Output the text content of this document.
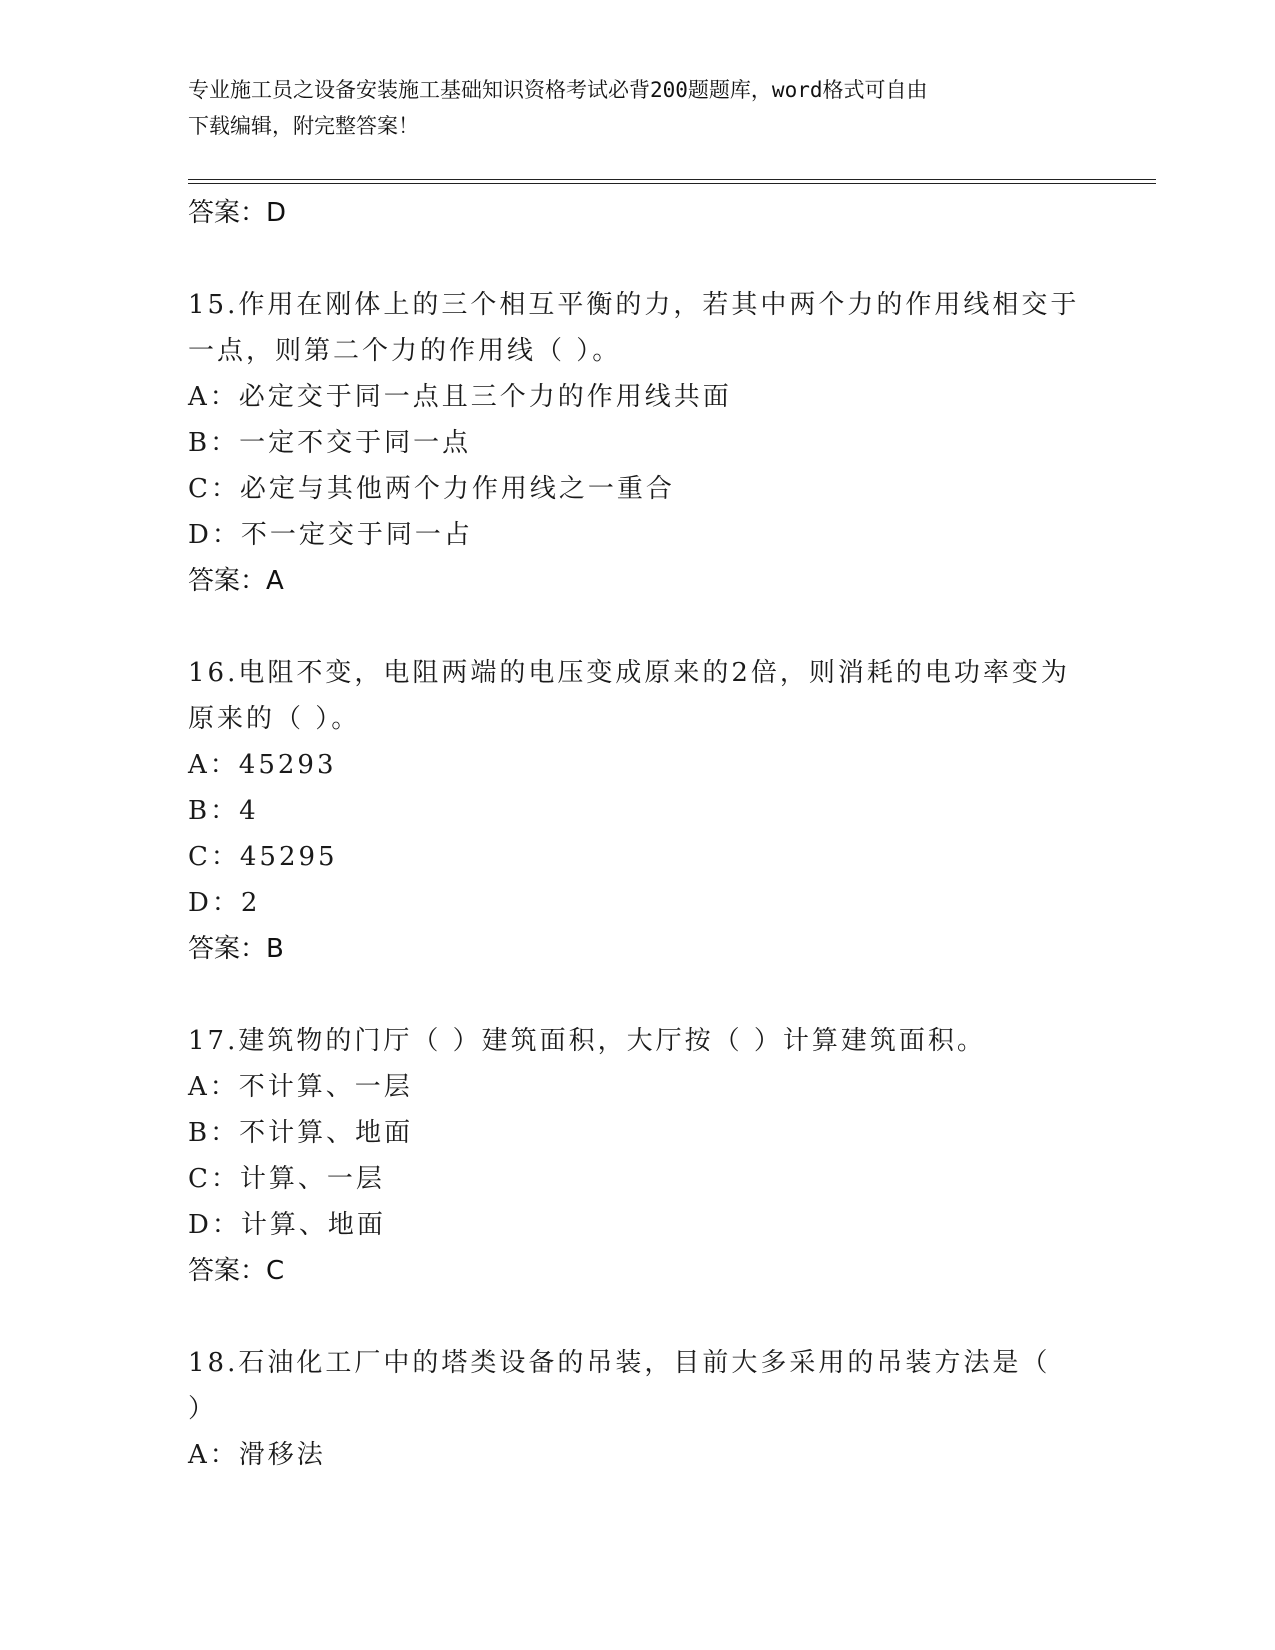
专业施工员之设备安装施工基础知识资格考试必背200题题库，word格式可自由
下载编辑，附完整答案！
答案：D
15.作用在刚体上的三个相互平衡的力，若其中两个力的作用线相交于
一点，则第二个力的作用线（ ）。
A：必定交于同一点且三个力的作用线共面
B：一定不交于同一点
C：必定与其他两个力作用线之一重合
D：不一定交于同一占
答案：A
16.电阻不变，电阻两端的电压变成原来的2倍，则消耗的电功率变为
原来的（ ）。
A：45293
B：4
C：45295
D：2
答案：B
17.建筑物的门厅（ ）建筑面积，大厅按（ ）计算建筑面积。
A：不计算、一层
B：不计算、地面
C：计算、一层
D：计算、地面
答案：C
18.石油化工厂中的塔类设备的吊装，目前大多采用的吊装方法是（
）
A：滑移法
